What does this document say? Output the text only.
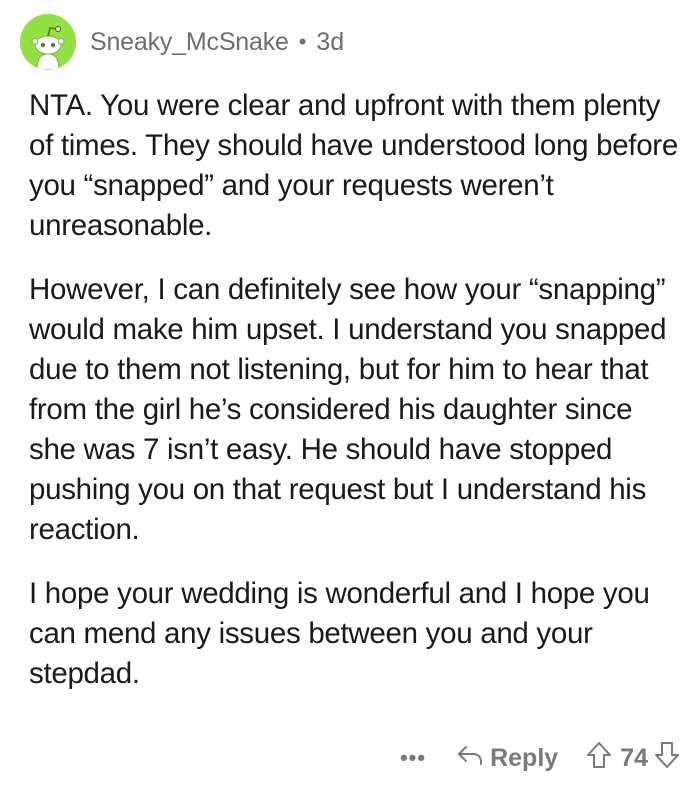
Sneaky_McSnake • 3d

NTA. You were clear and upfront with them plenty of times. They should have understood long before you “snapped” and your requests weren’t unreasonable.

However, I can definitely see how your “snapping” would make him upset. I understand you snapped due to them not listening, but for him to hear that from the girl he’s considered his daughter since she was 7 isn’t easy. He should have stopped pushing you on that request but I understand his reaction.

I hope your wedding is wonderful and I hope you can mend any issues between you and your stepdad.

•••	Reply 74
